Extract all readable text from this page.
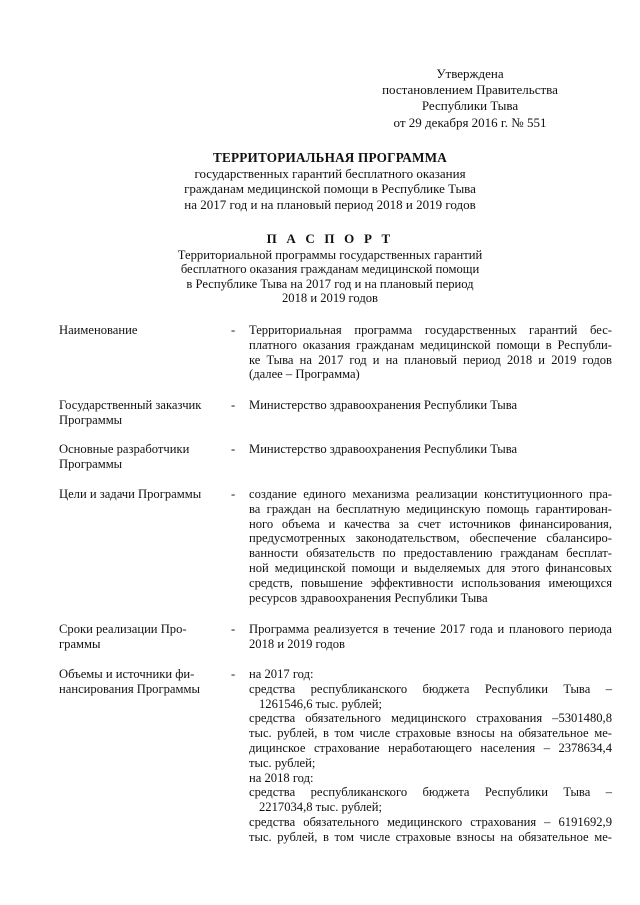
Утверждена
постановлением Правительства
Республики Тыва
от 29 декабря 2016 г. № 551
ТЕРРИТОРИАЛЬНАЯ ПРОГРАММА
государственных гарантий бесплатного оказания
гражданам медицинской помощи в Республике Тыва
на 2017 год и на плановый период 2018 и 2019 годов
П А С П О Р Т
Территориальной программы государственных гарантий
бесплатного оказания гражданам медицинской помощи
в Республике Тыва на 2017 год и на плановый период
2018 и 2019 годов
Наименование	- Территориальная программа государственных гарантий бес-
платного оказания гражданам медицинской помощи в Республи-
ке Тыва на 2017 год и на плановый период 2018 и 2019 годов
(далее – Программа)
Государственный заказчик
Программы
- Министерство здравоохранения Республики Тыва
Основные разработчики
Программы
- Министерство здравоохранения Республики Тыва
Цели и задачи Программы	- создание единого механизма реализации конституционного пра-
ва граждан на бесплатную медицинскую помощь гарантирован-
ного объема и качества за счет источников финансирования,
предусмотренных законодательством, обеспечение сбалансиро-
ванности обязательств по предоставлению гражданам бесплат-
ной медицинской помощи и выделяемых для этого финансовых
средств, повышение эффективности использования имеющихся
ресурсов здравоохранения Республики Тыва
Сроки реализации Про-
граммы
- Программа реализуется в течение 2017 года и планового периода
2018 и 2019 годов
Объемы и источники фи-
нансирования Программы
- на 2017 год:
средства республиканского бюджета Республики Тыва –
1261546,6 тыс. рублей;
средства обязательного медицинского страхования –5301480,8
тыс. рублей, в том числе страховые взносы на обязательное ме-
дицинское страхование неработающего населения – 2378634,4
тыс. рублей;
на 2018 год:
средства республиканского бюджета Республики Тыва –
2217034,8 тыс. рублей;
средства обязательного медицинского страхования – 6191692,9
тыс. рублей, в том числе страховые взносы на обязательное ме-
